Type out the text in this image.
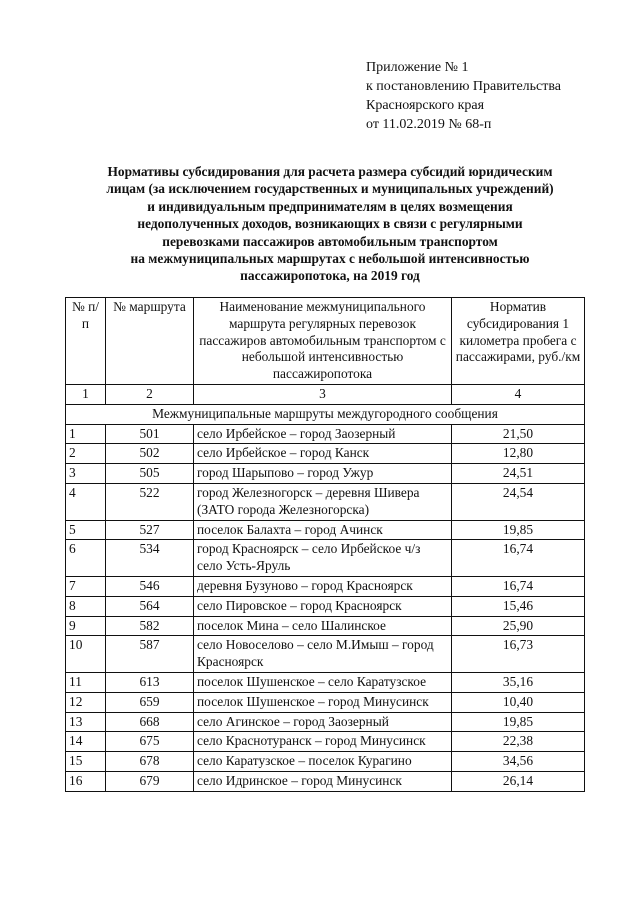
Приложение № 1
к постановлению Правительства
Красноярского края
от 11.02.2019 № 68-п
Нормативы субсидирования для расчета размера субсидий юридическим
лицам (за исключением государственных и муниципальных учреждений)
и индивидуальным предпринимателям в целях возмещения
недополученных доходов, возникающих в связи с регулярными
перевозками пассажиров автомобильным транспортом
на межмуниципальных маршрутах с небольшой интенсивностью
пассажиропотока, на 2019 год
№ п/п	№ маршрута	Наименование межмуниципального маршрута регулярных перевозок пассажиров автомобильным транспортом с небольшой интенсивностью пассажиропотока	Норматив субсидирования 1 километра пробега с пассажирами, руб./км
1	2	3	4
Межмуниципальные маршруты междугородного сообщения			
1	501	село Ирбейское – город Заозерный	21,50
2	502	село Ирбейское – город Канск	12,80
3	505	город Шарыпово – город Ужур	24,51
4	522	город Железногорск – деревня Шивера (ЗАТО города Железногорска)	24,54
5	527	поселок Балахта – город Ачинск	19,85
6	534	город Красноярск – село Ирбейское ч/з село Усть-Яруль	16,74
7	546	деревня Бузуново – город Красноярск	16,74
8	564	село Пировское – город Красноярск	15,46
9	582	поселок Мина – село Шалинское	25,90
10	587	село Новоселово – село М.Имыш – город Красноярск	16,73
11	613	поселок Шушенское – село Каратузское	35,16
12	659	поселок Шушенское – город Минусинск	10,40
13	668	село Агинское – город Заозерный	19,85
14	675	село Краснотуранск – город Минусинск	22,38
15	678	село Каратузское – поселок Курагино	34,56
16	679	село Идринское – город Минусинск	26,14
